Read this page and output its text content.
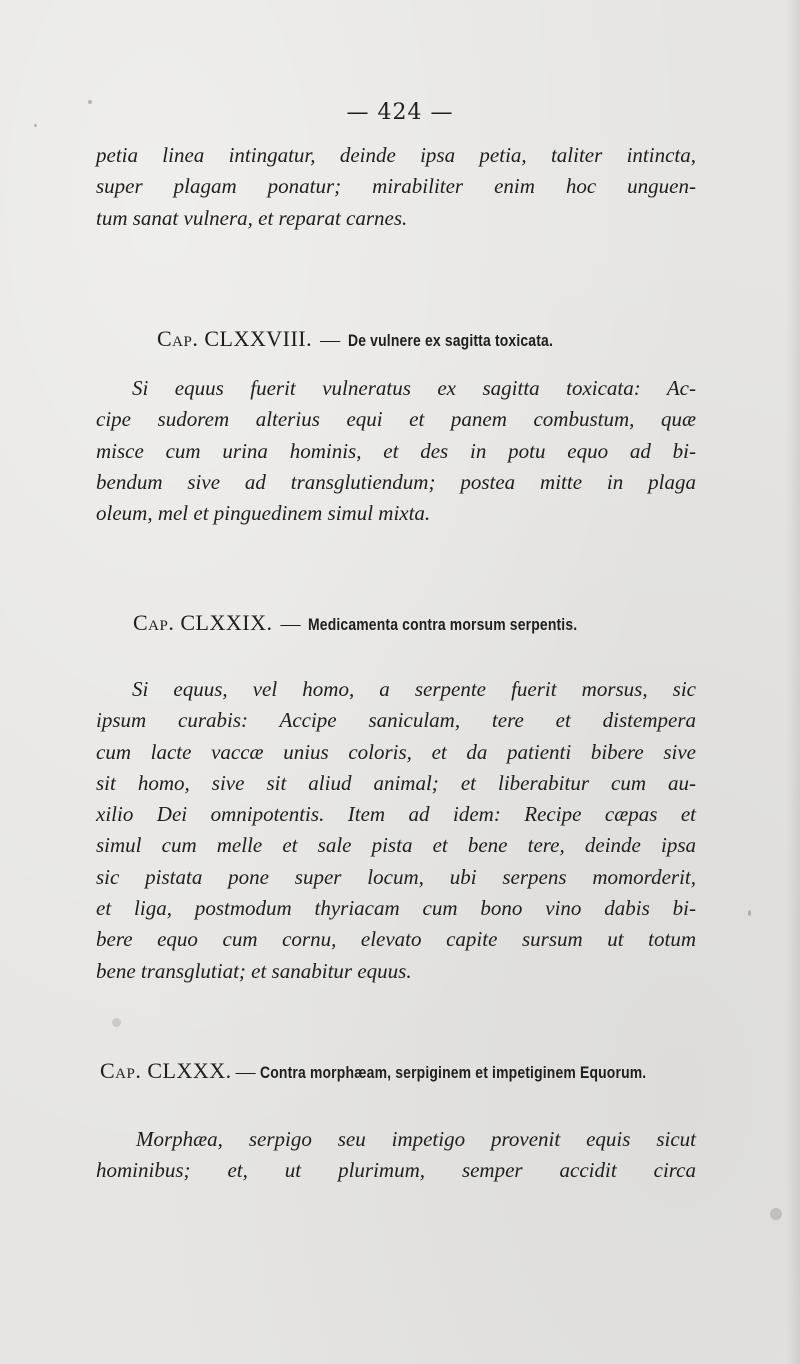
— 424 —
petia linea intingatur, deinde ipsa petia, taliter intincta,
super plagam ponatur; mirabiliter enim hoc unguen-
tum sanat vulnera, et reparat carnes.
Cap. CLXXVIII. — De vulnere ex sagitta toxicata.
Si equus fuerit vulneratus ex sagitta toxicata: Ac-
cipe sudorem alterius equi et panem combustum, quæ
misce cum urina hominis, et des in potu equo ad bi-
bendum sive ad transglutiendum; postea mitte in plaga
oleum, mel et pinguedinem simul mixta.
Cap. CLXXIX. — Medicamenta contra morsum serpentis.
Si equus, vel homo, a serpente fuerit morsus, sic
ipsum curabis: Accipe saniculam, tere et distempera
cum lacte vaccæ unius coloris, et da patienti bibere sive
sit homo, sive sit aliud animal; et liberabitur cum au-
xilio Dei omnipotentis. Item ad idem: Recipe cæpas et
simul cum melle et sale pista et bene tere, deinde ipsa
sic pistata pone super locum, ubi serpens momorderit,
et liga, postmodum thyriacam cum bono vino dabis bi-
bere equo cum cornu, elevato capite sursum ut totum
bene transglutiat; et sanabitur equus.
Cap. CLXXX. — Contra morphæam, serpiginem et impetiginem Equorum.
Morphæa, serpigo seu impetigo provenit equis sicut
hominibus; et, ut plurimum, semper accidit circa
